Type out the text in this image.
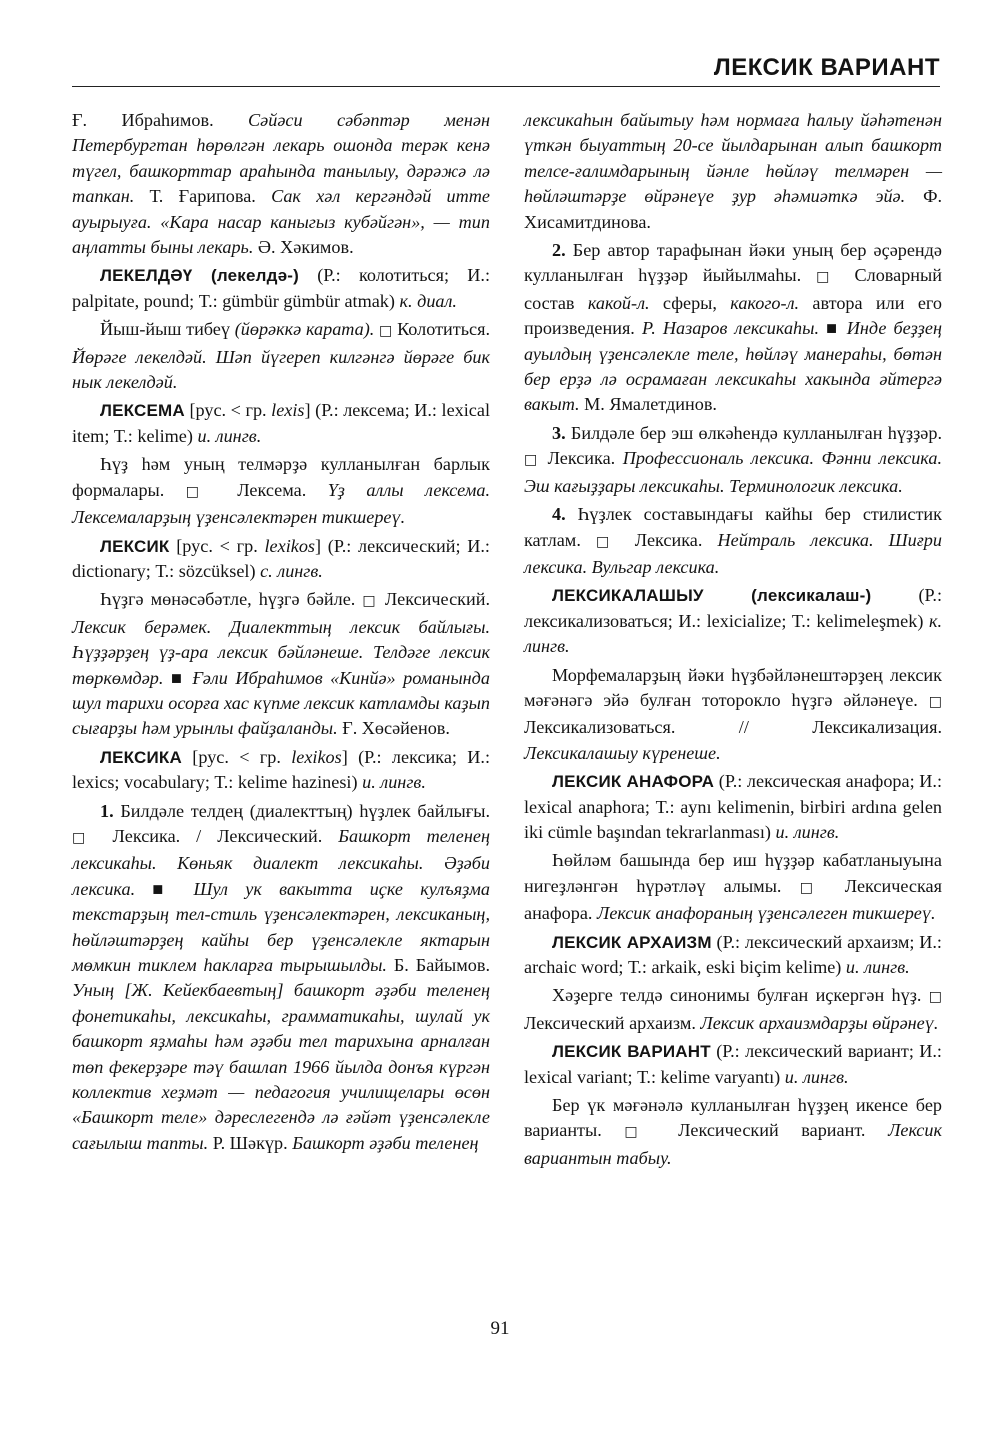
ЛЕКСИК ВАРИАНТ

Ғ. Ибраһимов. Сәйәси сәбәптәр менән Петербургтан һөрөлгән лекарь ошонда терәк кенә түгел, башкорттар араһында танылыу, дәрәжә лә тапкан. Т. Ғарипова. Сак хәл кергәндәй итте ауырыуға. «Кара насар каныгыз кубәйгән», — тип аңлатты быны лекарь. Ә. Хәкимов.

ЛЕКЕЛДӘҮ (лекелдә-) (Р.: колотиться; И.: palpitate, pound; Т.: gümbür gümbür atmak) к. диал.

Йыш-йыш тибеү (йөрәккә карата). □ Колотиться. Йөрәге лекелдәй. Шәп йүгереп килгәнгә йөрәге бик нык лекелдәй.

ЛЕКСЕМА [рус. < гр. lexis] (Р.: лексема; И.: lexical item; Т.: kelime) и. лингв.

Һүҙ һәм уның телмәрҙә кулланылған барлык формалары. □ Лексема. Үҙ аллы лексема. Лексемаларҙың үҙенсәлектәрен тикшереү.

ЛЕКСИК [рус. < гр. lexikos] (Р.: лексический; И.: dictionary; Т.: sözcüksel) с. лингв.

Һүҙгә мөнәсәбәтле, һүҙгә бәйле. □ Лексический. Лексик берәмек. Диалекттың лексик байлығы. Һүҙҙәрҙең үҙ-ара лексик бәйләнеше. Телдәге лексик төркөмдәр. ■ Ғәли Ибраһимов «Кинйә» романында шул тарихи осорға хас күпме лексик катламды каҙып сығарҙы һәм урынлы файҙаланды. Ғ. Хөсәйенов.

ЛЕКСИКА [рус. < гр. lexikos] (Р.: лексика; И.: lexics; vocabulary; Т.: kelime hazinesi) и. лингв.

1. Билдәле телдең (диалекттың) һүҙлек байлығы. □ Лексика. / Лексический. Башкорт теленең лексикаһы. Көньяк диалект лексикаһы. Әҙәби лексика. ■ Шул ук вакытта иҫке кулъяҙма текстарҙың тел-стиль үҙенсәлектәрен, лексиканың, һөйләштәрҙең кайһы бер үҙенсәлекле яктарын мөмкин тиклем һакларға тырышылды. Б. Байымов. Уның [Ж. Кейекбаевтың] башкорт әҙәби теленең фонетикаһы, лексикаһы, грамматикаһы, шулай ук башкорт яҙмаһы һәм әҙәби тел тарихына арналған төп фекерҙәре тәү башлап 1966 йылда донъя күргән коллектив хеҙмәт — педагогия училищелары өсөн «Башкорт теле» дәреслегендә лә ғәйәт үҙенсәлекле сағылыш тапты. Р. Шәкүр. Башкорт әҙәби теленең

лексикаһын байытыу һәм нормаға һалыу йәһәтенән үткән быуаттың 20-се йылдарынан алып башкорт телсе-ғалимдарының йәнле һөйләү телмәрен — һөйләштәрҙе өйрәнеүе ҙур әһәмиәткә эйә. Ф. Хисамитдинова.

2. Бер автор тарафынан йәки уның бер әҫәрендә кулланылған һүҙҙәр йыйылмаһы. □ Словарный состав какой-л. сферы, какого-л. автора или его произведения. Р. Назаров лексикаһы. ■ Инде беҙҙең ауылдың үҙенсәлекле теле, һөйләү манераһы, бөтән бер ерҙә лә осрамаған лексикаһы хакында әйтергә вакыт. М. Ямалетдинов.

3. Билдәле бер эш өлкәһендә кулланылған һүҙҙәр. □ Лексика. Профессиональ лексика. Фәнни лексика. Эш кағыҙҙары лексикаһы. Терминологик лексика.

4. Һүҙлек составындағы кайһы бер стилистик катлам. □ Лексика. Нейтраль лексика. Шиғри лексика. Вульгар лексика.

ЛЕКСИКАЛАШЫУ (лексикалаш-) (Р.: лексикализоваться; И.: lexicialize; Т.: kelimeleşmek) к. лингв.

Морфемаларҙың йәки һүҙбәйләнештәрҙең лексик мәғәнәгә эйә булған тотороклo һүҙгә әйләнеүе. □ Лексикализоваться. // Лексикализация. Лексикалашыу күренеше.

ЛЕКСИК АНАФОРА (Р.: лексическая анафора; И.: lexical anaphora; Т.: aynı kelimenin, birbiri ardına gelen iki cümle başından tekrarlanması) и. лингв.

Һөйләм башында бер иш һүҙҙәр кабатланыуына нигеҙләнгән һүрәтләү алымы. □ Лексическая анафора. Лексик анафораның үҙенсәлеген тикшереү.

ЛЕКСИК АРХАИЗМ (Р.: лексический архаизм; И.: archaic word; Т.: arkaik, eski biçim kelime) и. лингв.

Хәҙерге телдә синонимы булған иҫкергән һүҙ. □ Лексический архаизм. Лексик архаизмдарҙы өйрәнеү.

ЛЕКСИК ВАРИАНТ (Р.: лексический вариант; И.: lexical variant; Т.: kelime varyantı) и. лингв.

Бер үк мәғәнәлә кулланылған һүҙҙең икенсе бер варианты. □ Лексический вариант. Лексик вариантын табыу.

91
